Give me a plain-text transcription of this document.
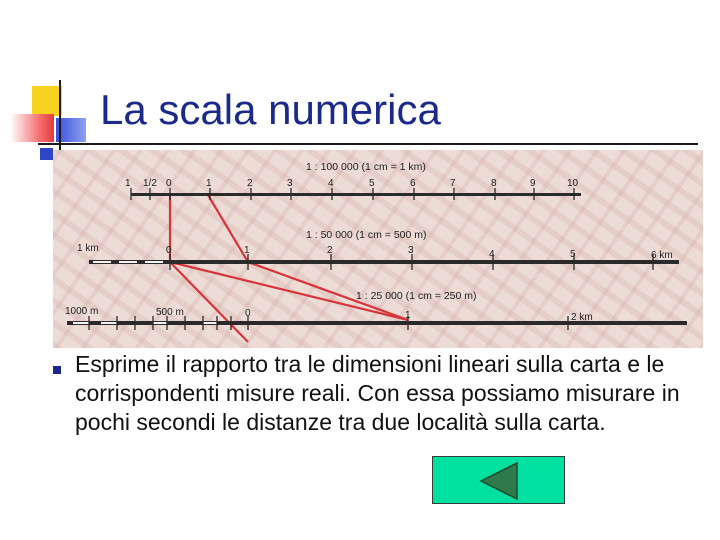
La scala numerica
1 : 100 000 (1 cm = 1 km)
1 1/2 0	1	2	3	4	5	6	7	8	9	10
1 : 50 000 (1 cm = 500 m)
1 km	0	1	2	3	4	5	6 km
1 : 25 000 (1 cm = 250 m)
1000 m	500 m	0	1	2 km
Esprime il rapporto tra le dimensioni lineari sulla carta e le corrispondenti misure reali. Con essa possiamo misurare in pochi secondi le distanze tra due località sulla carta.
